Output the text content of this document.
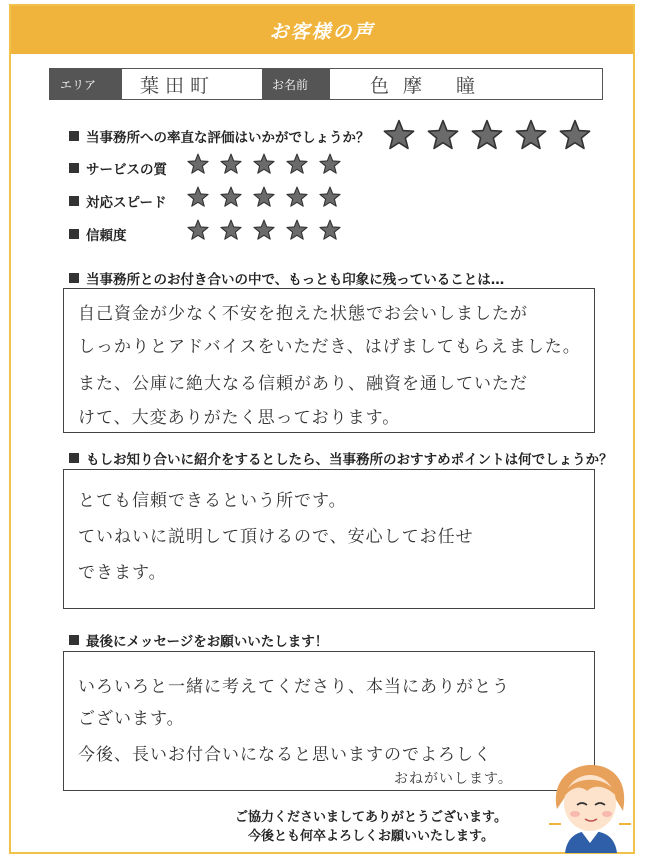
お客様の声
エリア	葉田町	お名前	色摩 瞳
当事務所への率直な評価はいかがでしょうか？
サービスの質
対応スピード
信頼度
当事務所とのお付き合いの中で、もっとも印象に残っていることは…
自己資金が少なく不安を抱えた状態でお会いしましたが
しっかりとアドバイスをいただき、はげましてもらえました。
また、公庫に絶大なる信頼があり、融資を通していただ
けて、大変ありがたく思っております。
もしお知り合いに紹介をするとしたら、当事務所のおすすめポイントは何でしょうか？
とても信頼できるという所です。
ていねいに説明して頂けるので、安心してお任せ
できます。
最後にメッセージをお願いいたします！
いろいろと一緒に考えてくださり、本当にありがとう
ございます。
今後、長いお付合いになると思いますのでよろしく
おねがいします。
ご協力くださいましてありがとうございます。
今後とも何卒よろしくお願いいたします。
